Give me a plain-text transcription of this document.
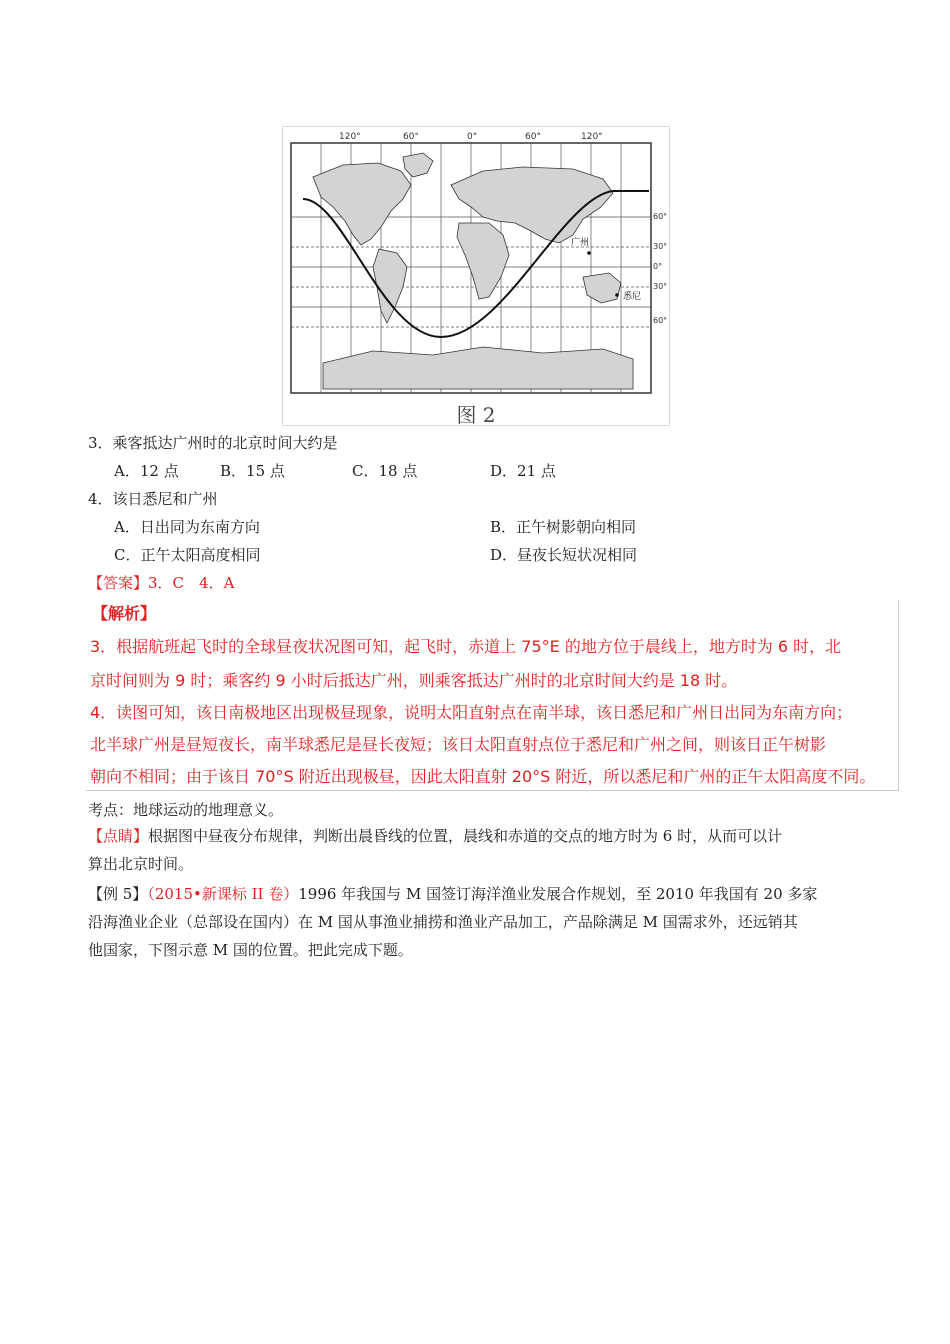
120°	60°	0°	60°	120°
60°
30°
0°
30°
60°
广州
悉尼
图 2
3．乘客抵达广州时的北京时间大约是
A．12 点	B．15 点	C．18 点	D．21 点
4．该日悉尼和广州
A．日出同为东南方向	B．正午树影朝向相同
C．正午太阳高度相同	D．昼夜长短状况相同
【答案】3．C　4．A
【解析】
3．根据航班起飞时的全球昼夜状况图可知，起飞时，赤道上 75°E 的地方位于晨线上，地方时为 6 时，北
京时间则为 9 时；乘客约 9 小时后抵达广州，则乘客抵达广州时的北京时间大约是 18 时。
4．读图可知，该日南极地区出现极昼现象，说明太阳直射点在南半球，该日悉尼和广州日出同为东南方向；
北半球广州是昼短夜长，南半球悉尼是昼长夜短；该日太阳直射点位于悉尼和广州之间，则该日正午树影
朝向不相同；由于该日 70°S 附近出现极昼，因此太阳直射 20°S 附近，所以悉尼和广州的正午太阳高度不同。
考点：地球运动的地理意义。
【点睛】根据图中昼夜分布规律，判断出晨昏线的位置，晨线和赤道的交点的地方时为 6 时，从而可以计
算出北京时间。
【例 5】（2015•新课标 II 卷）1996 年我国与 M 国签订海洋渔业发展合作规划，至 2010 年我国有 20 多家
沿海渔业企业（总部设在国内）在 M 国从事渔业捕捞和渔业产品加工，产品除满足 M 国需求外，还远销其
他国家，下图示意 M 国的位置。把此完成下题。
